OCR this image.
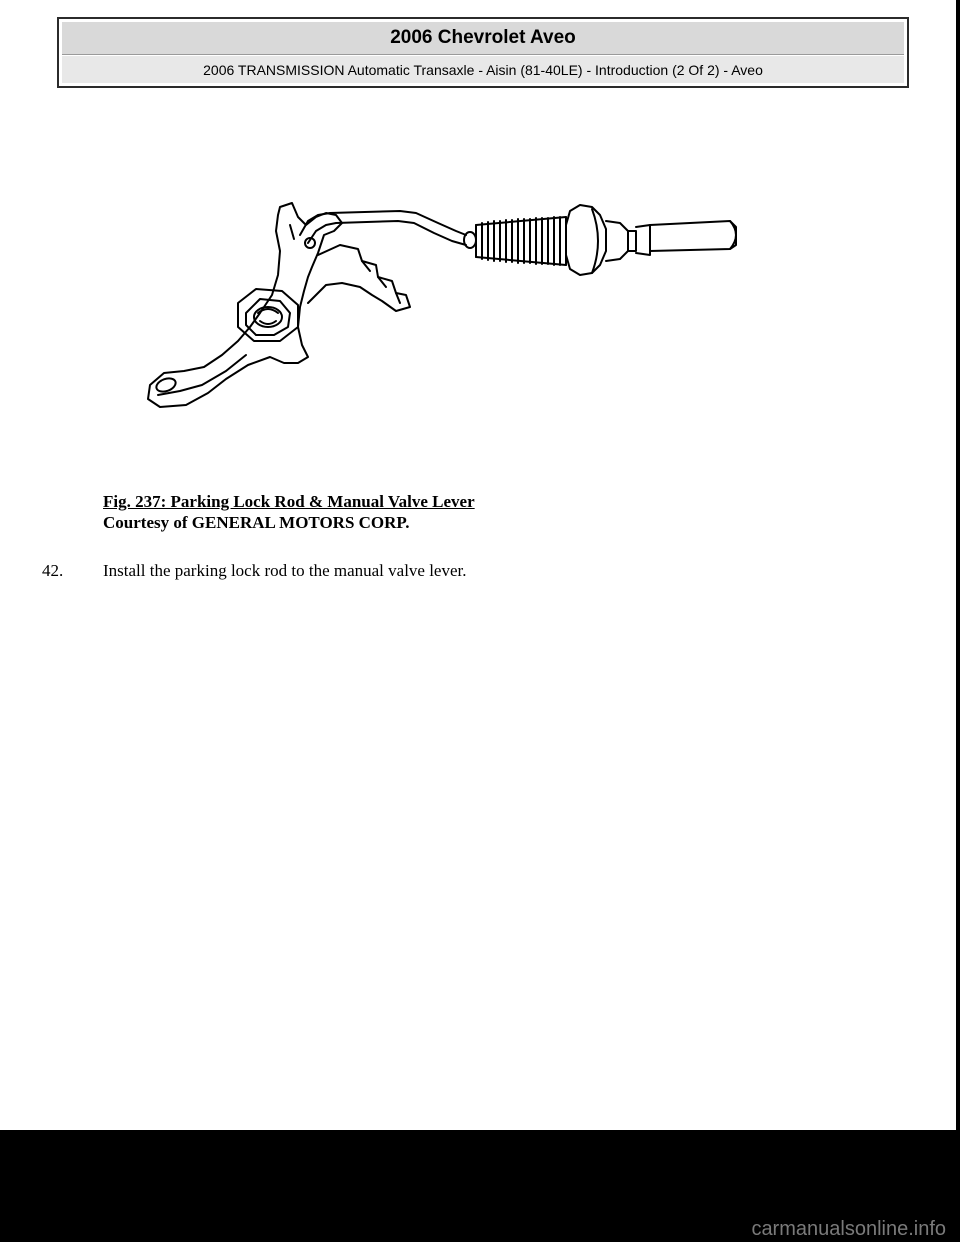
2006 Chevrolet Aveo
2006 TRANSMISSION Automatic Transaxle - Aisin (81-40LE) - Introduction (2 Of 2) - Aveo
Fig. 237: Parking Lock Rod & Manual Valve Lever
Courtesy of GENERAL MOTORS CORP.
42.	Install the parking lock rod to the manual valve lever.
carmanualsonline.info
